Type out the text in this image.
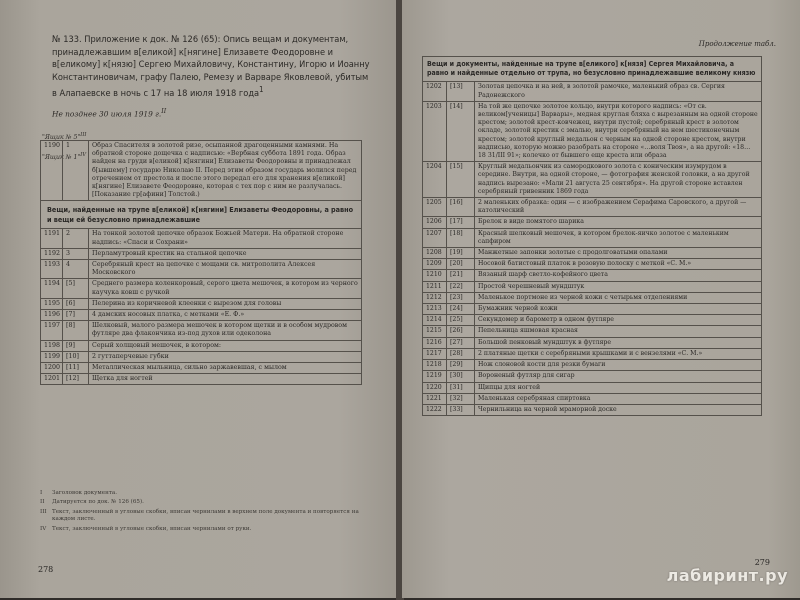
№ 133. Приложение к док. № 126 (65): Опись вещам и документам, принадлежавшим в[еликой] к[нягине] Елизавете Феодоровне и в[еликому] к[нязю] Сергею Михайловичу, Константину, Игорю и Иоанну Константиновичам, графу Палею, Ремезу и Варваре Яковлевой, убитым в Алапаевске в ночь с 17 на 18 июля 1918 года$^1$
Не позднее 30 июля 1919 г.$^{II}$
"Ящик № 5"$^{III}$
"Ящик № 1"$^{IV}$
1190	1	Образ Спасителя в золотой ризе, осыпанной драгоценными камнями. На обратной стороне дощечка с надписью: «Вербная суббота 1891 года. Образ найден на груди в[еликой] к[нягини] Елизаветы Феодоровны и принадлежал б[ывшему] государю Николаю II. Перед этим образом государь молился перед отречением от престола и после этого передал его для хранения в[еликой] к[нягине] Елизавете Феодоровне, которая с тех пор с ним не разлучалась. [Показание гр[афини] Толстой.)
Вещи, найденные на трупе в[еликой] к[нягини] Елизаветы Феодоровны, а равно и вещи ей безусловно принадлежавшие		
1191	2	На тонкой золотой цепочке образок Божьей Матери. На обратной стороне надпись: «Спаси и Сохрани»
1192	3	Перламутровый крестик на стальной цепочке
1193	4	Серебряный крест на цепочке с мощами св. митрополита Алексея Московского
1194	[5]	Среднего размера коленкоровый, серого цвета мешочек, в котором из черного каучука ковш с ручкой
1195	[6]	Пелерина из коричневой клеенки с вырезом для головы
1196	[7]	4 дамских носовых платка, с метками «Е. Ф.»
1197	[8]	Шелковый, малого размера мешочек в котором щетки и в особом мудровом футляре два флакончика из-под духов или одеколона
1198	[9]	Серый холщовый мешочек, в котором:
1199	[10]	2 гуттаперчевые губки
1200	[11]	Металлическая мыльница, сильно заржавевшая, с мылом
1201	[12]	Щетка для ногтей
I	Заголовок документа.
II	Датируется по док. № 126 (65).
III Текст, заключенный в угловые скобки, вписан чернилами в верхнем поле документа и повторяется на каждом листе.
IV	Текст, заключенный в угловые скобки, вписан чернилами от руки.
278
Продолжение табл.
Вещи и документы, найденные на трупе в[еликого] к[нязя] Сергея Михайловича, а равно и найденные отдельно от трупа, но безусловно принадлежавшие великому князю		
1202	[13]	Золотая цепочка и на ней, в золотой рамочке, маленький образ св. Сергия Радонежского
1203	[14]	На той же цепочке золотое кольцо, внутри которого надпись: «От св. великом[ученицы] Варвары», медная круглая бляха с вырезанным на одной стороне крестом; золотой крест-ковчежец, внутри пустой; серебряный крест в золотом окладе, золотой крестик с эмалью, внутри серебряный на нем шестиконечным крестом; золотой круглый медальон с черным на одной стороне крестом, внутри надписью, которую можно разобрать на стороне «…воля Твоя», а на другой: «18… 18 31/III 91»; колечко от бывшего еще креста или образа
1204	[15]	Круглый медальончик из самородкового золота с коническим изумрудом в середине. Внутри, на одной стороне, — фотография женской головки, а на другой надпись вырезано: «Мали 21 августа 25 сентября». На другой стороне вставлен серебряный гривенник 1869 года
1205	[16]	2 маленьких образка: один — с изображением Серафима Саровского, а другой — католический
1206	[17]	Брелок в виде помятого шарика
1207	[18]	Красный шелковый мешочек, в котором брелок-яичко золотое с маленьким сапфиром
1208	[19]	Манжетные запонки золотые с продолговатыми опалами
1209	[20]	Носовой батистовый платок в розовую полоску с меткой «С. М.»
1210	[21]	Вязаный шарф светло-кофейного цвета
1211	[22]	Простой черешневый мундштук
1212	[23]	Маленькое портмоне из черной кожи с четырьмя отделениями
1213	[24]	Бумажник черной кожи
1214	[25]	Секундомер и барометр в одном футляре
1215	[26]	Пепельница яшмовая красная
1216	[27]	Большой пенковый мундштук в футляре
1217	[28]	2 платяные щетки с серебряными крышками и с вензелями «С. М.»
1218	[29]	Нож слоновой кости для резки бумаги
1219	[30]	Вороненый футляр для сигар
1220	[31]	Щипцы для ногтей
1221	[32]	Маленькая серебряная спиртовка
1222	[33]	Чернильница на черной мраморной доске
279
лабиринт.ру
